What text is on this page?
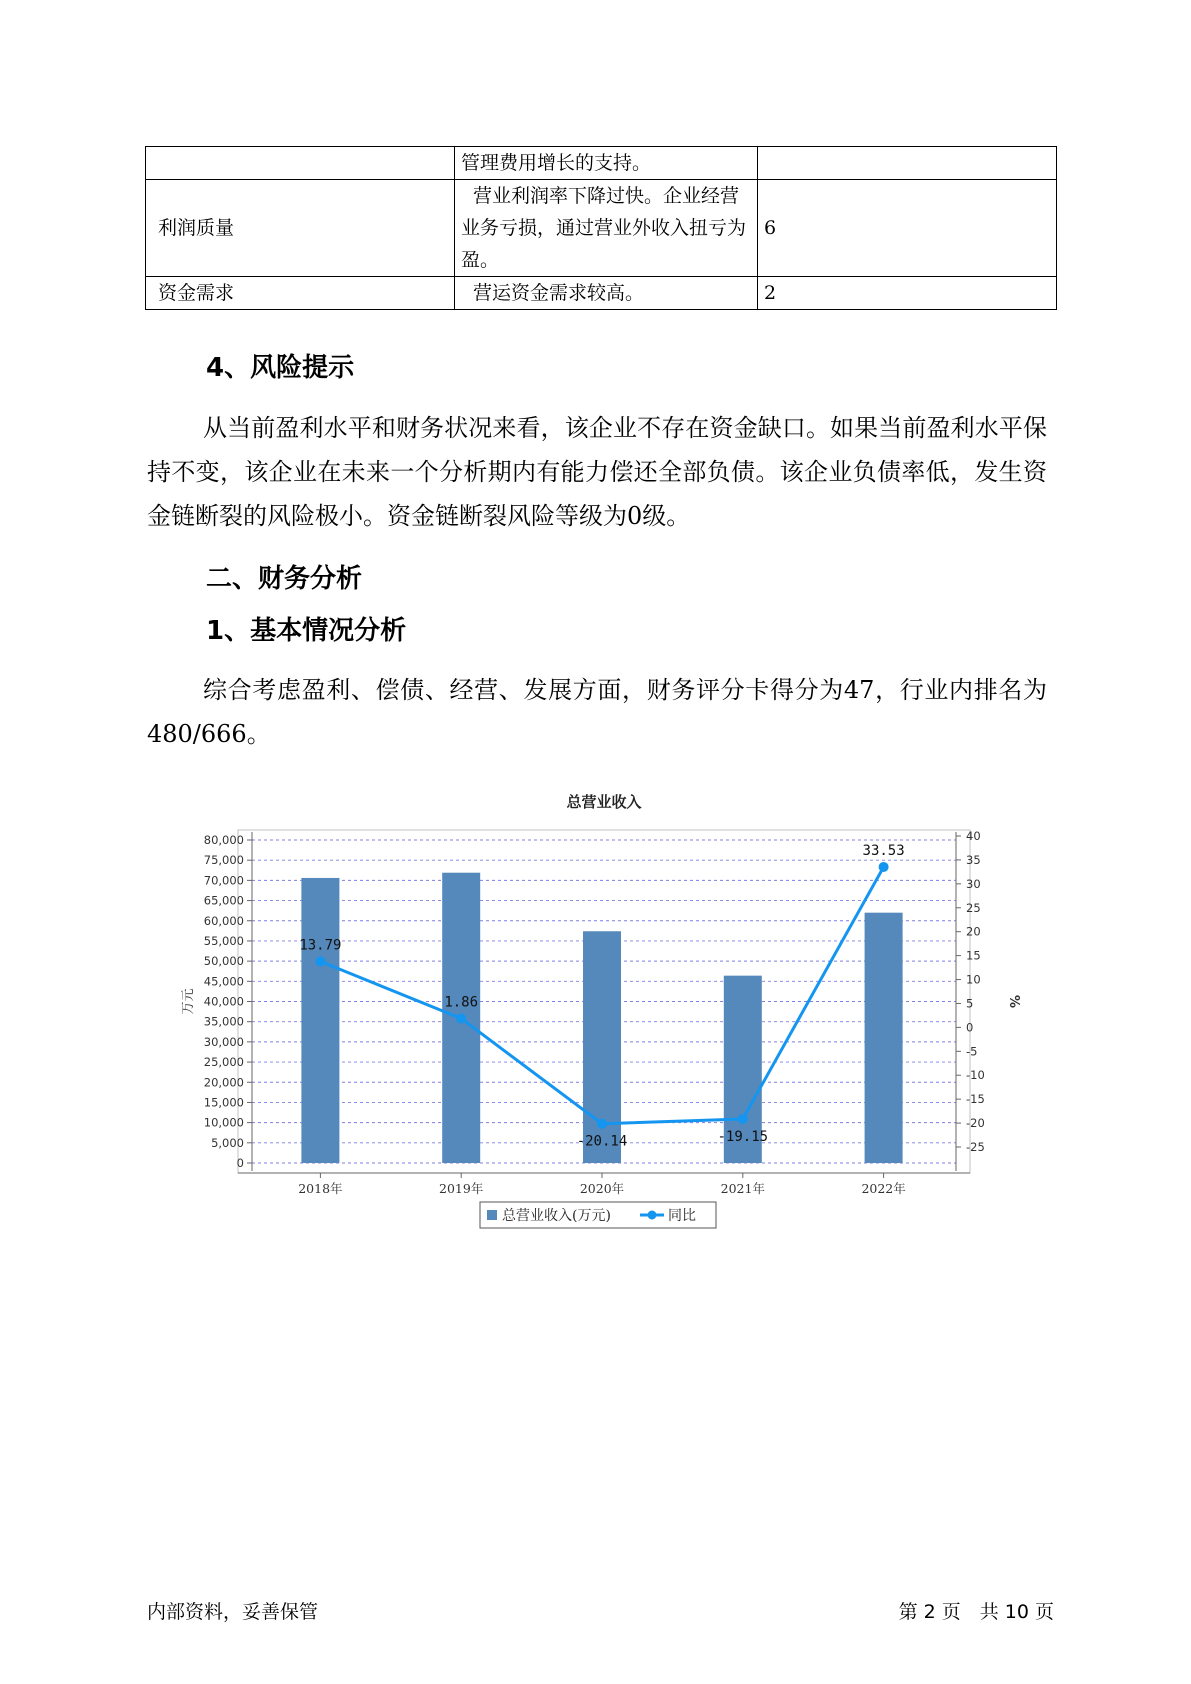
	管理费用增长的支持。	

利润质量	营业利润率下降过快。企业经营
业务亏损，通过营业外收入扭亏为
盈。	6
资金需求	营运资金需求较高。	2
4、风险提示
从当前盈利水平和财务状况来看，该企业不存在资金缺口。如果当前盈利水平保持不变，该企业在未来一个分析期内有能力偿还全部负债。该企业负债率低，发生资金链断裂的风险极小。资金链断裂风险等级为0级。
二、财务分析
1、基本情况分析
综合考虑盈利、偿债、经营、发展方面，财务评分卡得分为47，行业内排名为480/666。
总营业收入
0
5,000
10,000
15,000
20,000
25,000
30,000
35,000
40,000
45,000
50,000
55,000
60,000
65,000
70,000
75,000
80,000
-25
-20
-15
-10
-5
0
5
10
15
20
25
30
35
40
万元	%
2018年	2019年	2020年	2021年	2022年
13.79
1.86
-20.14	-19.15
33.53
总营业收入(万元)	同比
内部资料，妥善保管	第 2 页　共 10 页
